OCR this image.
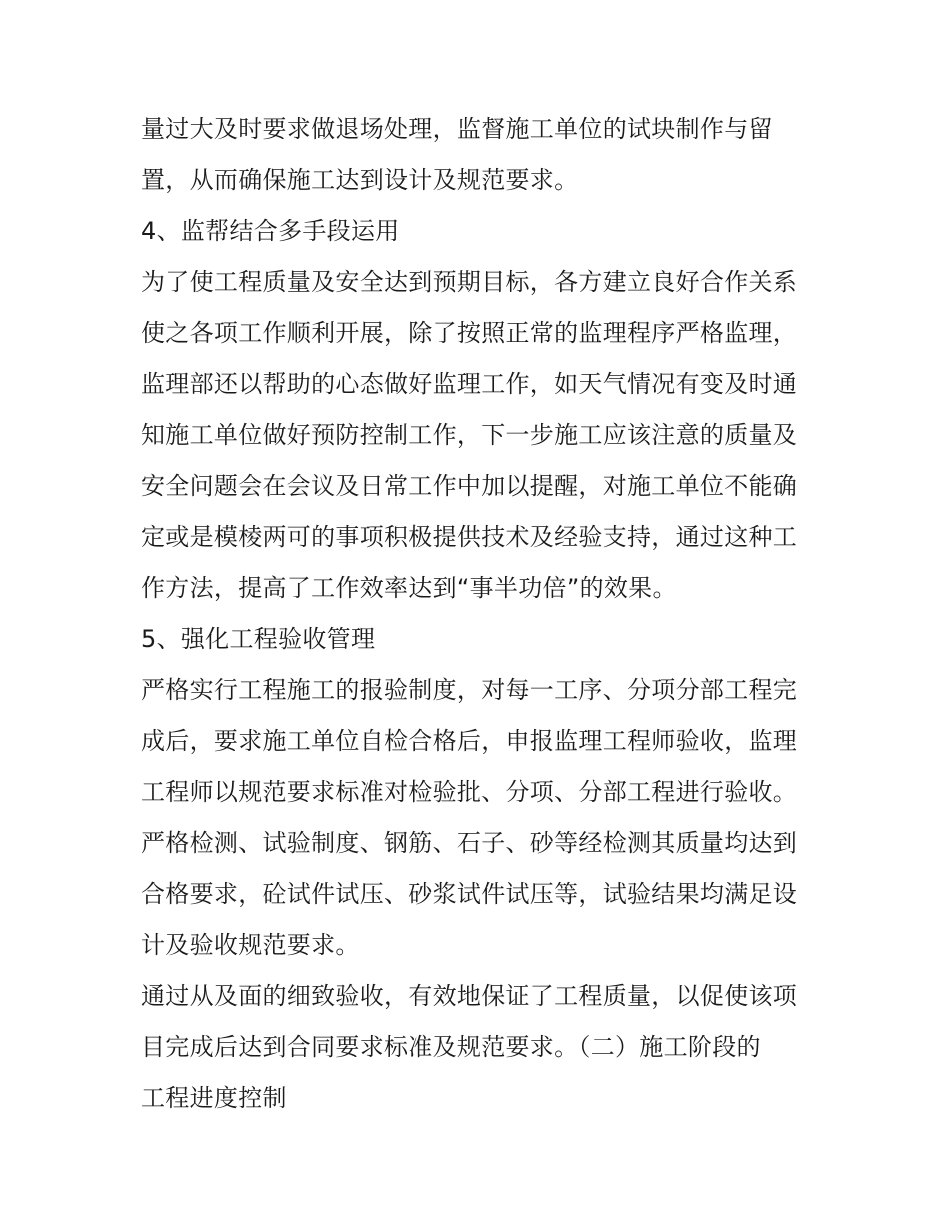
量过大及时要求做退场处理，监督施工单位的试块制作与留
置，从而确保施工达到设计及规范要求。

4、监帮结合多手段运用

为了使工程质量及安全达到预期目标，各方建立良好合作关系
使之各项工作顺利开展，除了按照正常的监理程序严格监理，
监理部还以帮助的心态做好监理工作，如天气情况有变及时通
知施工单位做好预防控制工作，下一步施工应该注意的质量及
安全问题会在会议及日常工作中加以提醒，对施工单位不能确
定或是模棱两可的事项积极提供技术及经验支持，通过这种工
作方法，提高了工作效率达到“事半功倍”的效果。

5、强化工程验收管理

严格实行工程施工的报验制度，对每一工序、分项分部工程完
成后，要求施工单位自检合格后，申报监理工程师验收，监理
工程师以规范要求标准对检验批、分项、分部工程进行验收。
严格检测、试验制度、钢筋、石子、砂等经检测其质量均达到
合格要求，砼试件试压、砂浆试件试压等，试验结果均满足设
计及验收规范要求。

通过从及面的细致验收，有效地保证了工程质量，以促使该项
目完成后达到合同要求标准及规范要求。（二）施工阶段的
工程进度控制
